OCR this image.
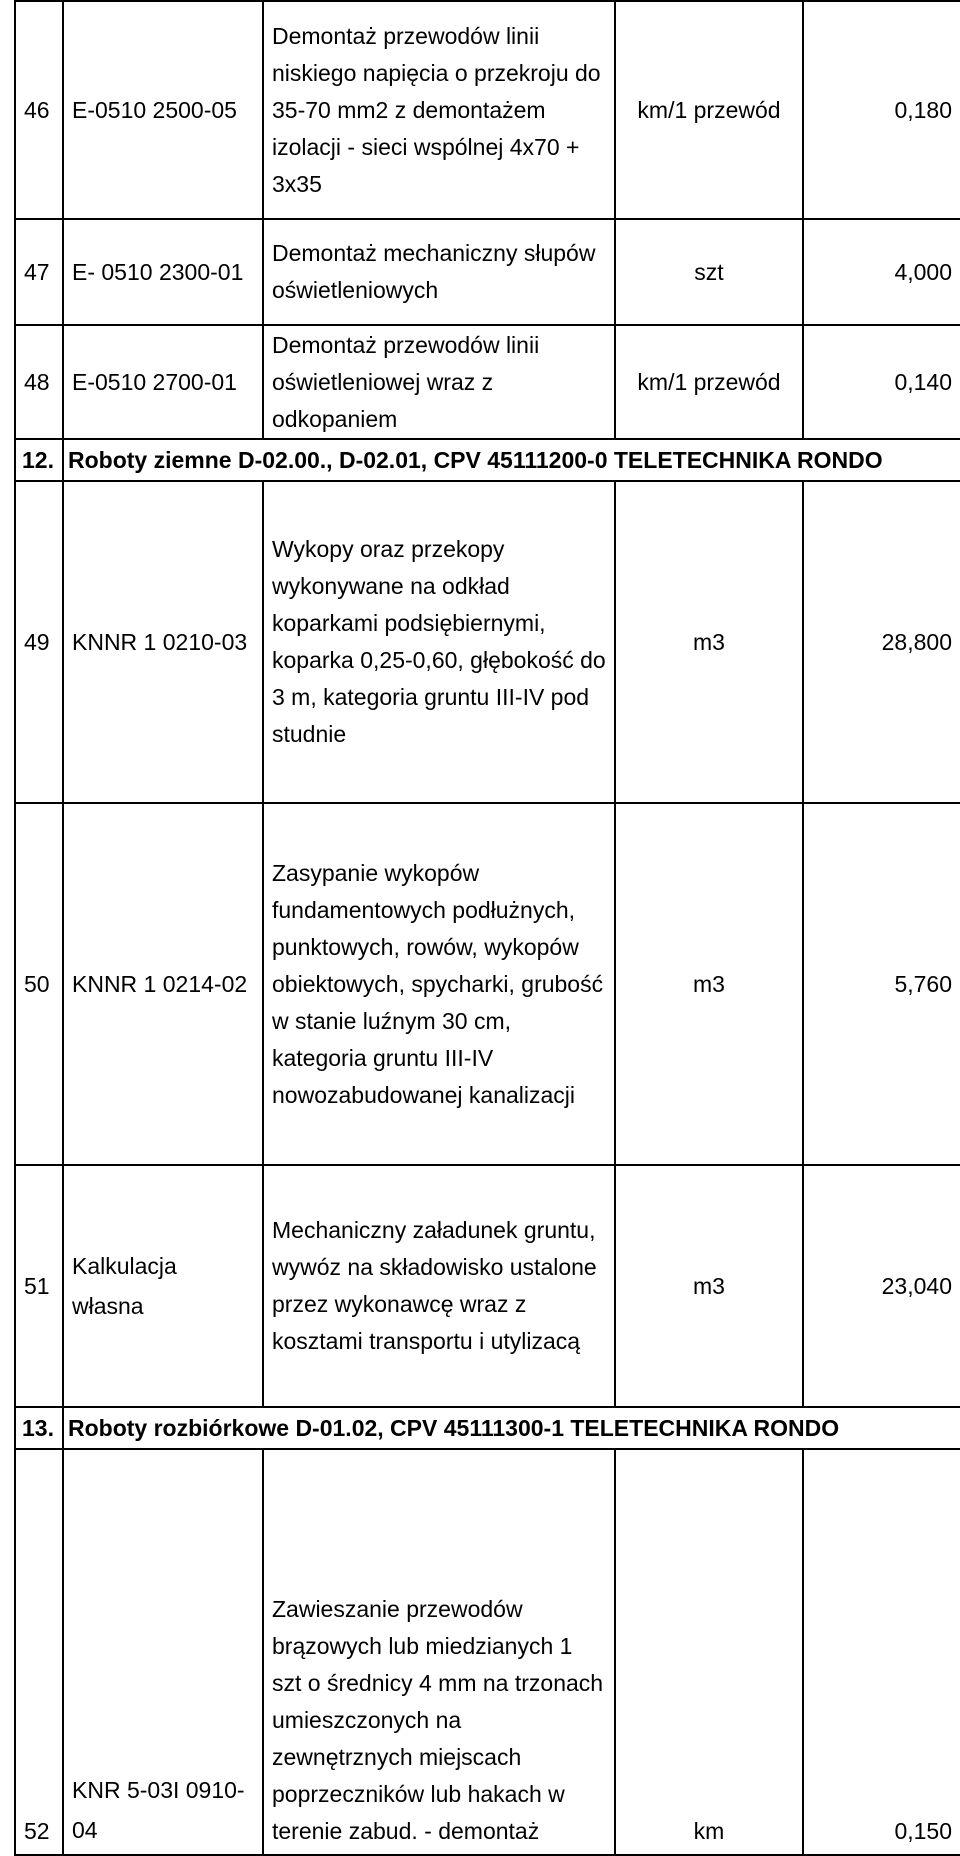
46	E-0510 2500-05	Demontaż przewodów linii niskiego napięcia o przekroju do 35-70 mm2 z demontażem izolacji - sieci wspólnej 4x70 + 3x35	km/1 przewód	0,180
47	E- 0510 2300-01	Demontaż mechaniczny słupów oświetleniowych	szt	4,000
48	E-0510 2700-01	Demontaż przewodów linii oświetleniowej wraz z odkopaniem	km/1 przewód	0,140
12.	Roboty ziemne D-02.00., D-02.01, CPV 45111200-0 TELETECHNIKA RONDO			
49	KNNR 1 0210-03	Wykopy oraz przekopy wykonywane na odkład koparkami podsiębiernymi, koparka 0,25-0,60, głębokość do 3 m, kategoria gruntu III-IV pod studnie	m3	28,800
50	KNNR 1 0214-02	Zasypanie wykopów fundamentowych podłużnych, punktowych, rowów, wykopów obiektowych, spycharki, grubość w stanie luźnym 30 cm, kategoria gruntu III-IV nowozabudowanej kanalizacji	m3	5,760
51	Kalkulacja własna	Mechaniczny załadunek gruntu, wywóz na składowisko ustalone przez wykonawcę wraz z kosztami transportu i utylizacą	m3	23,040
13.	Roboty rozbiórkowe D-01.02, CPV 45111300-1 TELETECHNIKA RONDO			
52	KNR 5-03I 0910-04	Zawieszanie przewodów brązowych lub miedzianych 1 szt o średnicy 4 mm na trzonach umieszczonych na zewnętrznych miejscach poprzeczników lub hakach w terenie zabud. - demontaż	km	0,150
